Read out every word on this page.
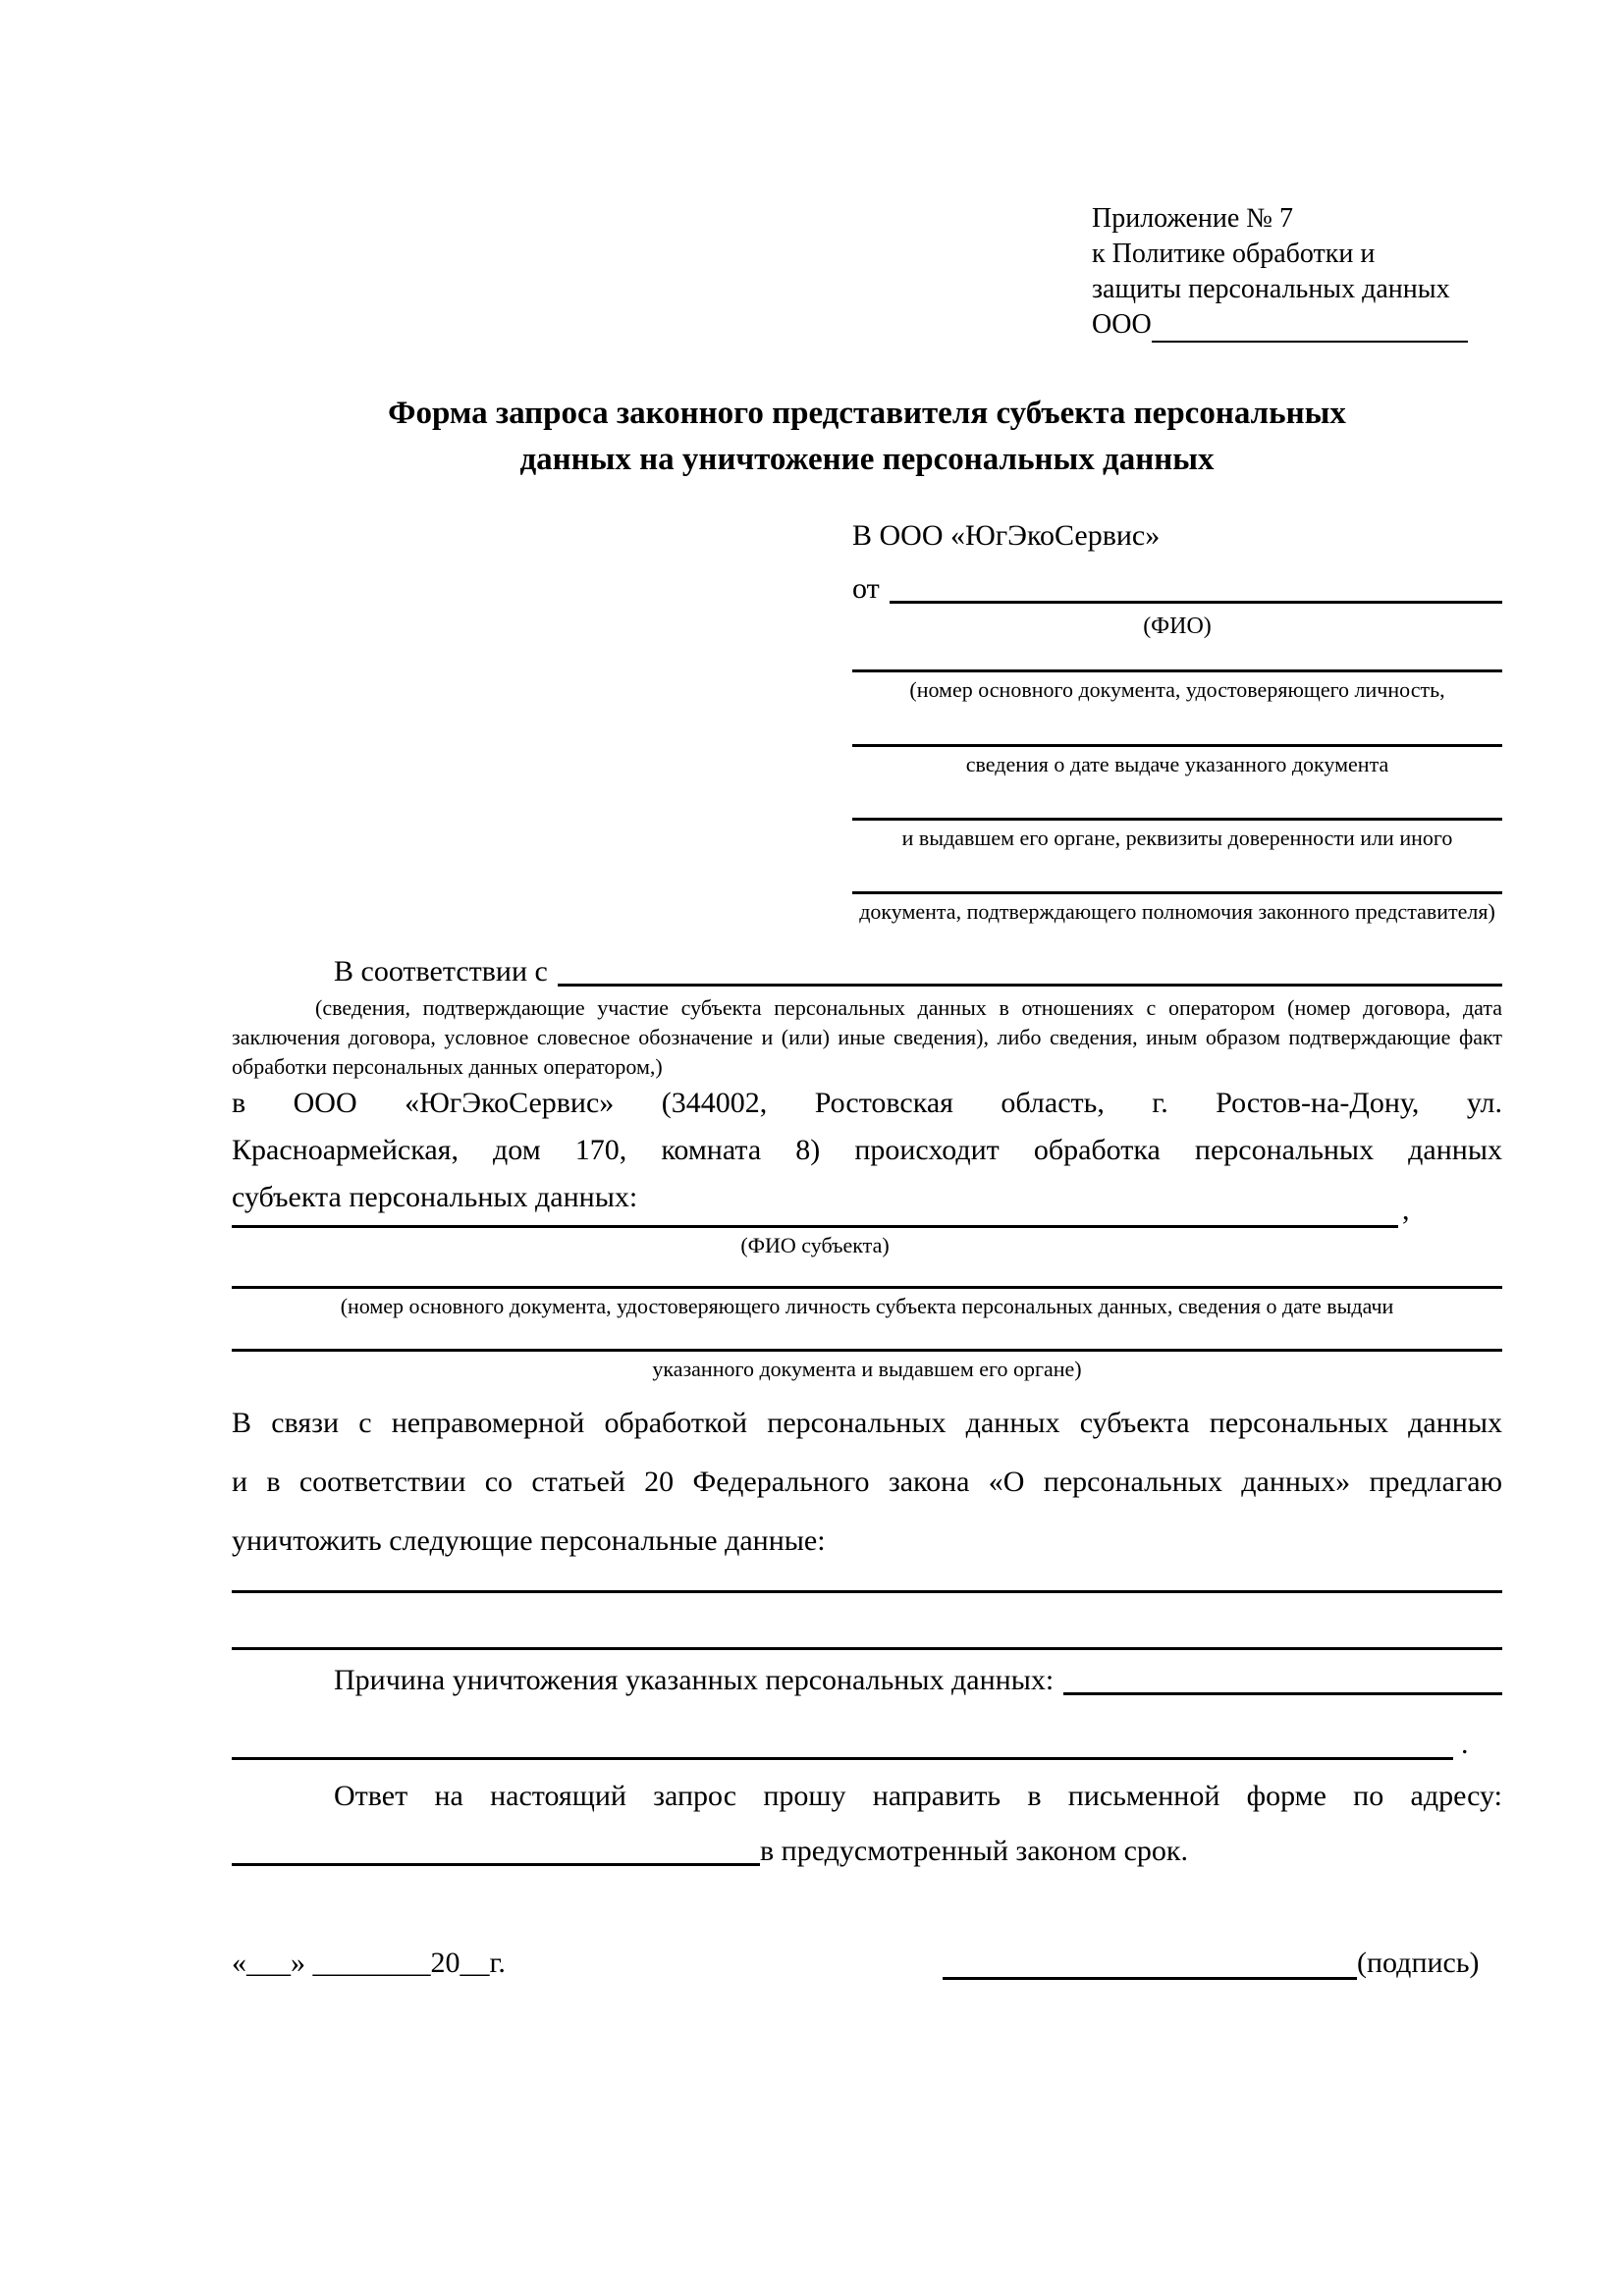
Приложение № 7
к Политике обработки и
защиты персональных данных
ООО
Форма запроса законного представителя субъекта персональных
данных на уничтожение персональных данных
В ООО «ЮгЭкоСервис»
от
(ФИО)
(номер основного документа, удостоверяющего личность,
сведения о дате выдаче указанного документа
и выдавшем его органе, реквизиты доверенности или иного
документа, подтверждающего полномочия законного представителя)
В соответствии с
(сведения, подтверждающие участие субъекта персональных данных в отношениях с оператором (номер договора, дата
заключения договора, условное словесное обозначение и (или) иные сведения), либо сведения, иным образом подтверждающие факт
обработки персональных данных оператором,)
в ООО «ЮгЭкоСервис» (344002, Ростовская область, г. Ростов-на-Дону, ул.
Красноармейская, дом 170, комната 8) происходит обработка персональных данных
субъекта персональных данных:	,
(ФИО субъекта)
(номер основного документа, удостоверяющего личность субъекта персональных данных, сведения о дате выдачи
указанного документа и выдавшем его органе)
В связи с неправомерной обработкой персональных данных субъекта персональных данных
и в соответствии со статьей 20 Федерального закона «О персональных данных» предлагаю
уничтожить следующие персональные данные:
Причина уничтожения указанных персональных данных:
.
Ответ на настоящий запрос прошу направить в письменной форме по адресу:
в предусмотренный законом срок.
«___» ________20__г.	(подпись)
